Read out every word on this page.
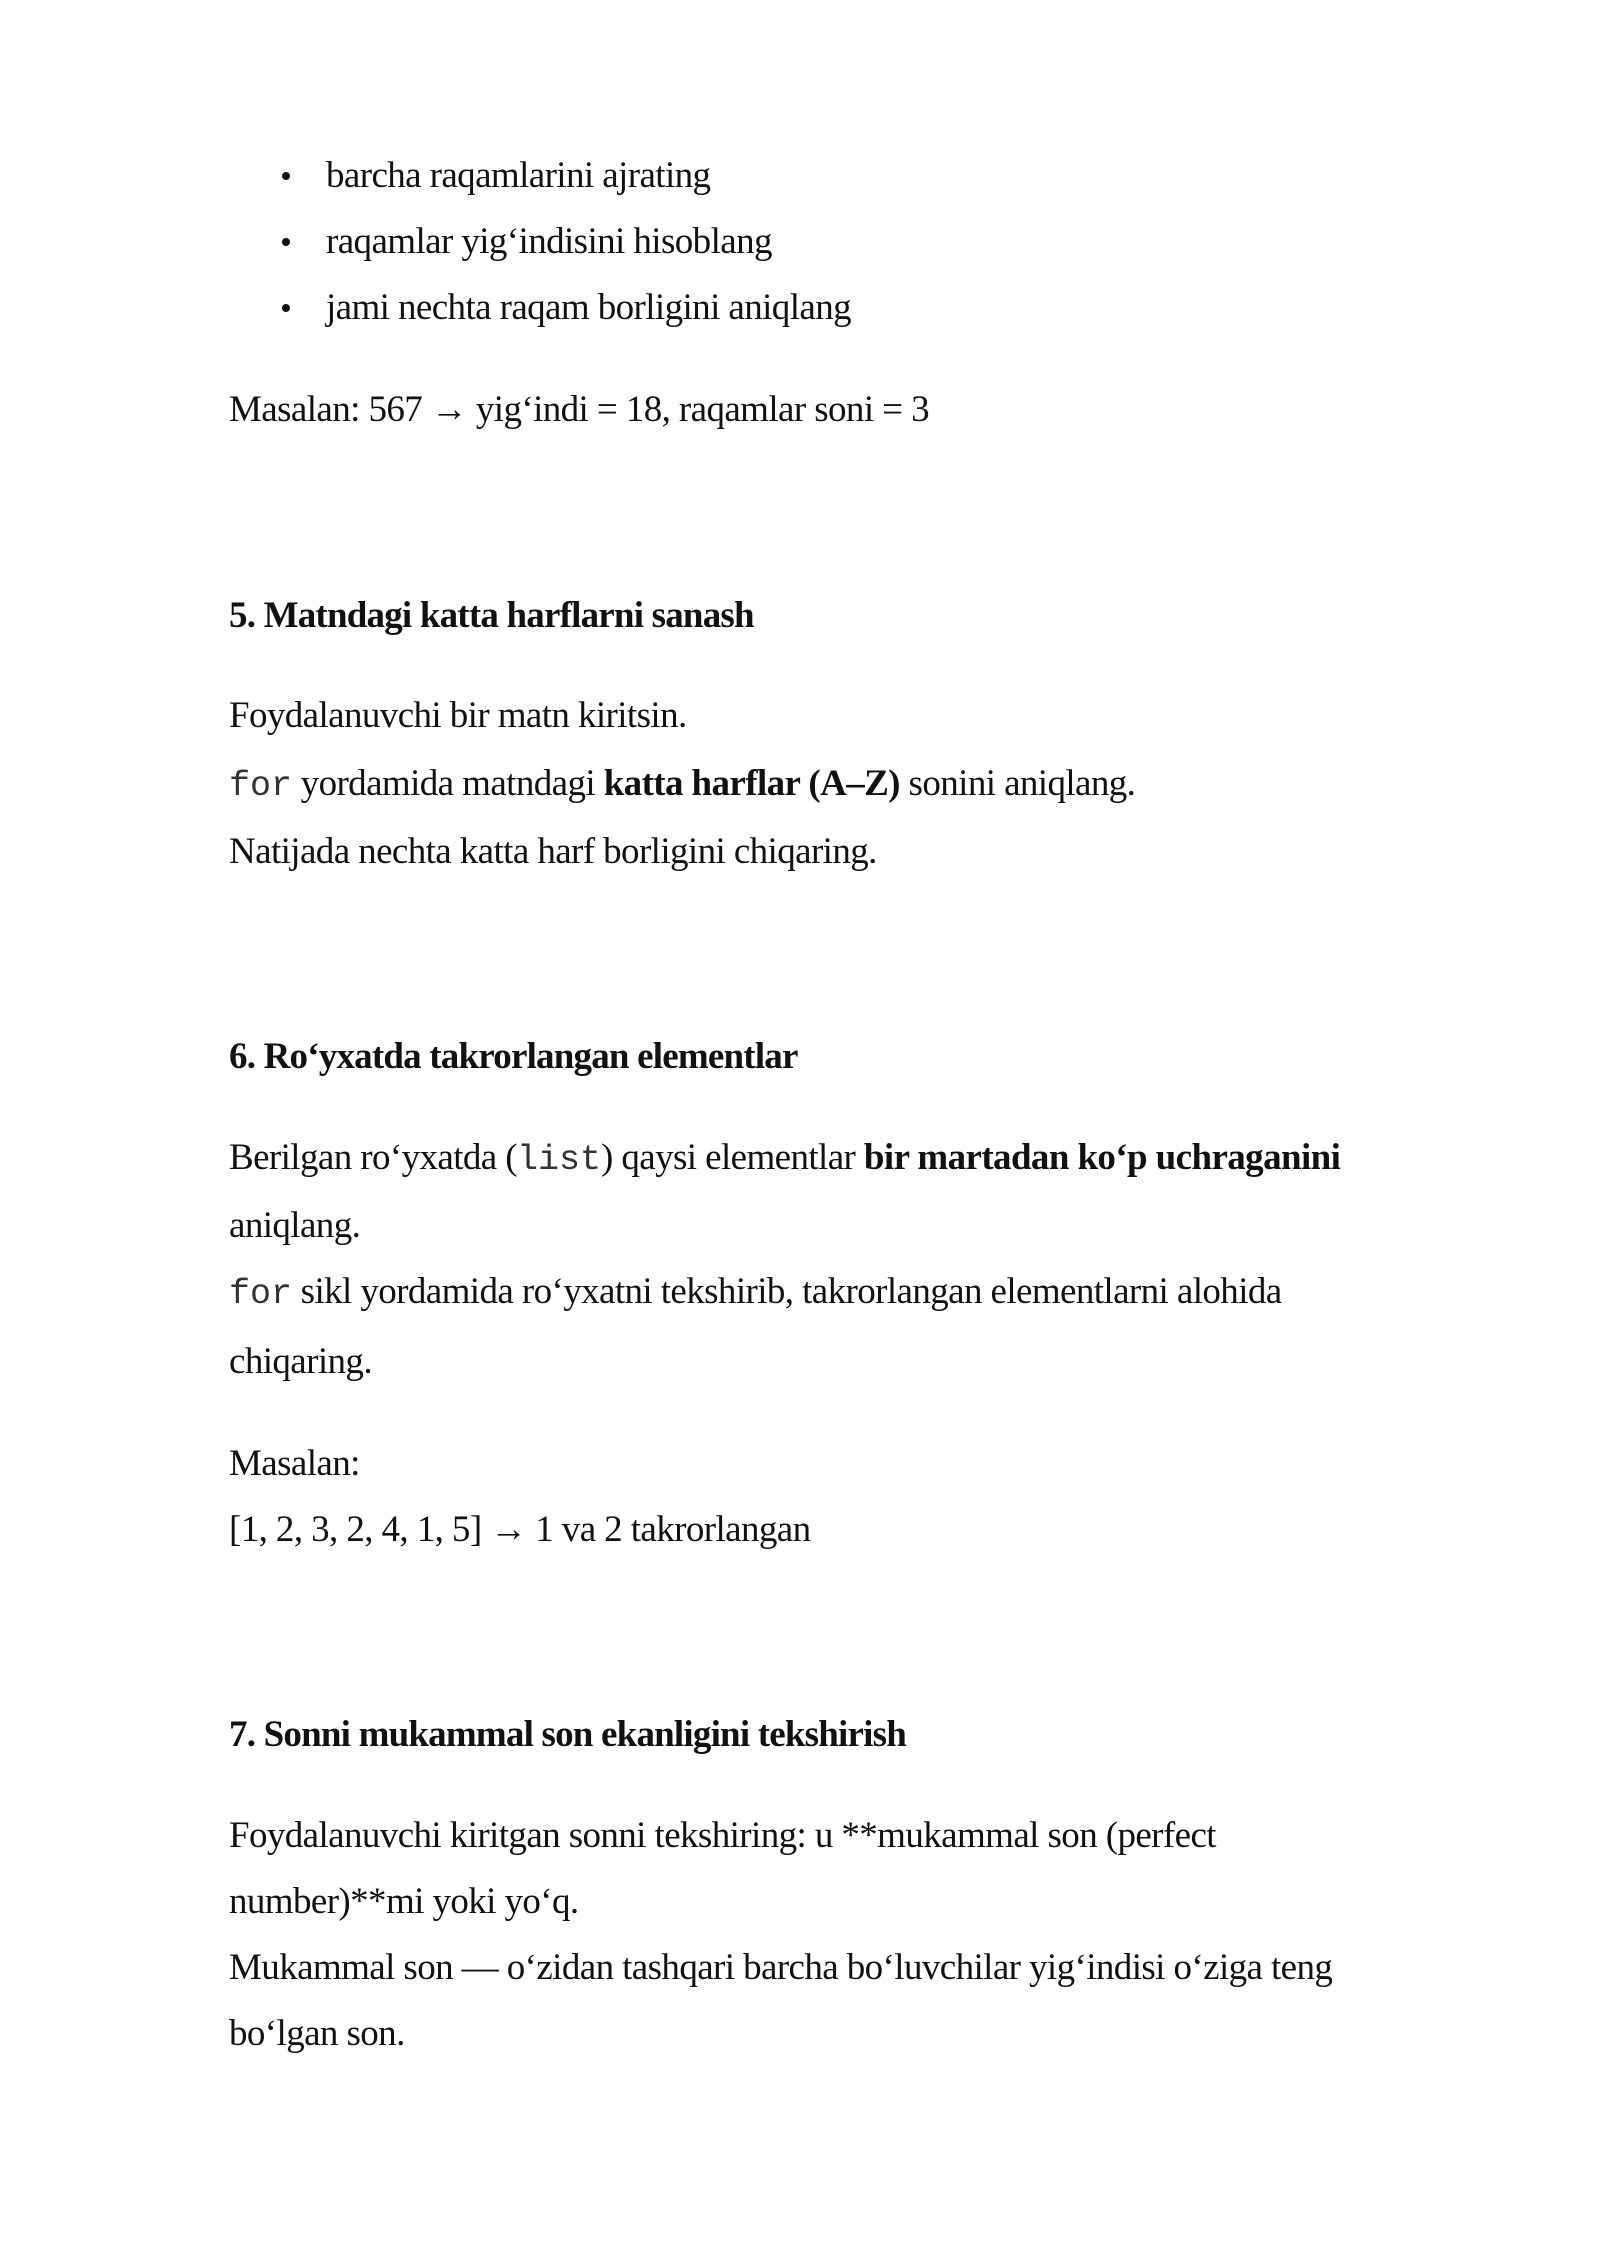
barcha raqamlarini ajrating
raqamlar yig‘indisini hisoblang
jami nechta raqam borligini aniqlang
Masalan: 567 → yig‘indi = 18, raqamlar soni = 3
5. Matndagi katta harflarni sanash
Foydalanuvchi bir matn kiritsin.
for yordamida matndagi katta harflar (A–Z) sonini aniqlang.
Natijada nechta katta harf borligini chiqaring.
6. Ro‘yxatda takrorlangan elementlar
Berilgan ro‘yxatda (list) qaysi elementlar bir martadan ko‘p uchraganini
aniqlang.
for sikl yordamida ro‘yxatni tekshirib, takrorlangan elementlarni alohida
chiqaring.
Masalan:
[1, 2, 3, 2, 4, 1, 5] → 1 va 2 takrorlangan
7. Sonni mukammal son ekanligini tekshirish
Foydalanuvchi kiritgan sonni tekshiring: u **mukammal son (perfect
number)**mi yoki yo‘q.
Mukammal son — o‘zidan tashqari barcha bo‘luvchilar yig‘indisi o‘ziga teng
bo‘lgan son.
